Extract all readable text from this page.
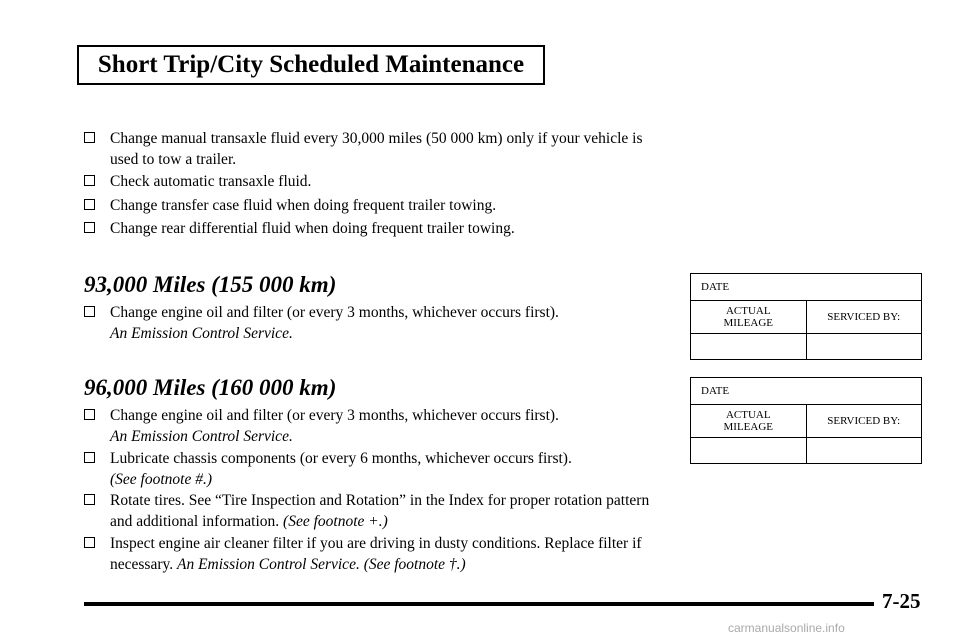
Short Trip/City Scheduled Maintenance
Change manual transaxle fluid every 30,000 miles (50 000 km) only if your vehicle is used to tow a trailer.
Check automatic transaxle fluid.
Change transfer case fluid when doing frequent trailer towing.
Change rear differential fluid when doing frequent trailer towing.
93,000 Miles (155 000 km)
Change engine oil and filter (or every 3 months, whichever occurs first).
An Emission Control Service.
DATE	
ACTUAL
MILEAGE	SERVICED BY:

96,000 Miles (160 000 km)
Change engine oil and filter (or every 3 months, whichever occurs first).
An Emission Control Service.
Lubricate chassis components (or every 6 months, whichever occurs first).
(See footnote #.)
Rotate tires. See “Tire Inspection and Rotation” in the Index for proper rotation pattern and additional information. (See footnote +.)
Inspect engine air cleaner filter if you are driving in dusty conditions. Replace filter if necessary. An Emission Control Service. (See footnote †.)
DATE	
ACTUAL
MILEAGE	SERVICED BY:

7-25
carmanualsonline.info
